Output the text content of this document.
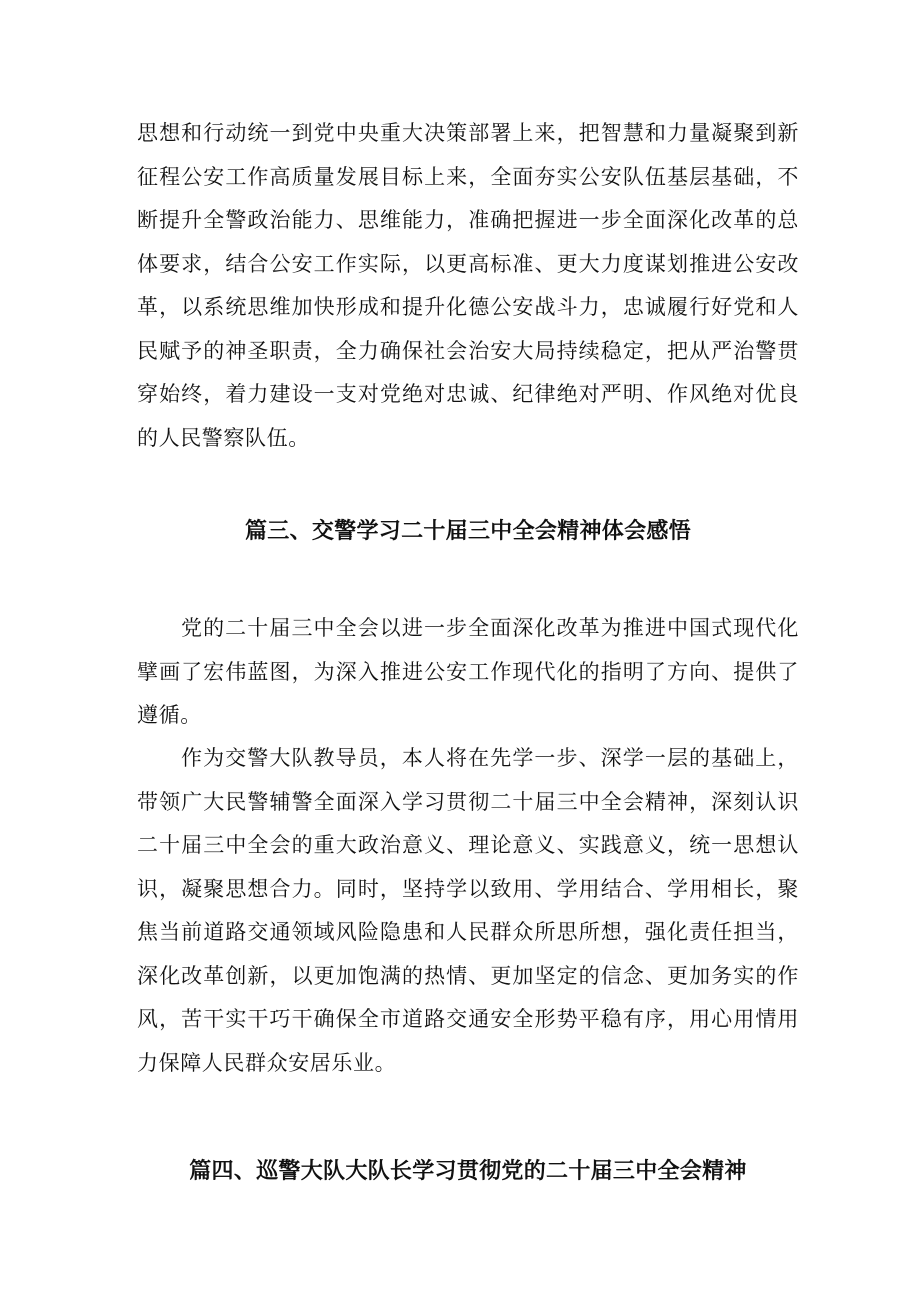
思想和行动统一到党中央重大决策部署上来，把智慧和力量凝聚到新征程公安工作高质量发展目标上来，全面夯实公安队伍基层基础，不断提升全警政治能力、思维能力，准确把握进一步全面深化改革的总体要求，结合公安工作实际，以更高标准、更大力度谋划推进公安改革，以系统思维加快形成和提升化德公安战斗力，忠诚履行好党和人民赋予的神圣职责，全力确保社会治安大局持续稳定，把从严治警贯穿始终，着力建设一支对党绝对忠诚、纪律绝对严明、作风绝对优良的人民警察队伍。

篇三、交警学习二十届三中全会精神体会感悟

党的二十届三中全会以进一步全面深化改革为推进中国式现代化擘画了宏伟蓝图，为深入推进公安工作现代化的指明了方向、提供了遵循。

作为交警大队教导员，本人将在先学一步、深学一层的基础上，带领广大民警辅警全面深入学习贯彻二十届三中全会精神，深刻认识二十届三中全会的重大政治意义、理论意义、实践意义，统一思想认识，凝聚思想合力。同时，坚持学以致用、学用结合、学用相长，聚焦当前道路交通领域风险隐患和人民群众所思所想，强化责任担当，深化改革创新，以更加饱满的热情、更加坚定的信念、更加务实的作风，苦干实干巧干确保全市道路交通安全形势平稳有序，用心用情用力保障人民群众安居乐业。

篇四、巡警大队大队长学习贯彻党的二十届三中全会精神
